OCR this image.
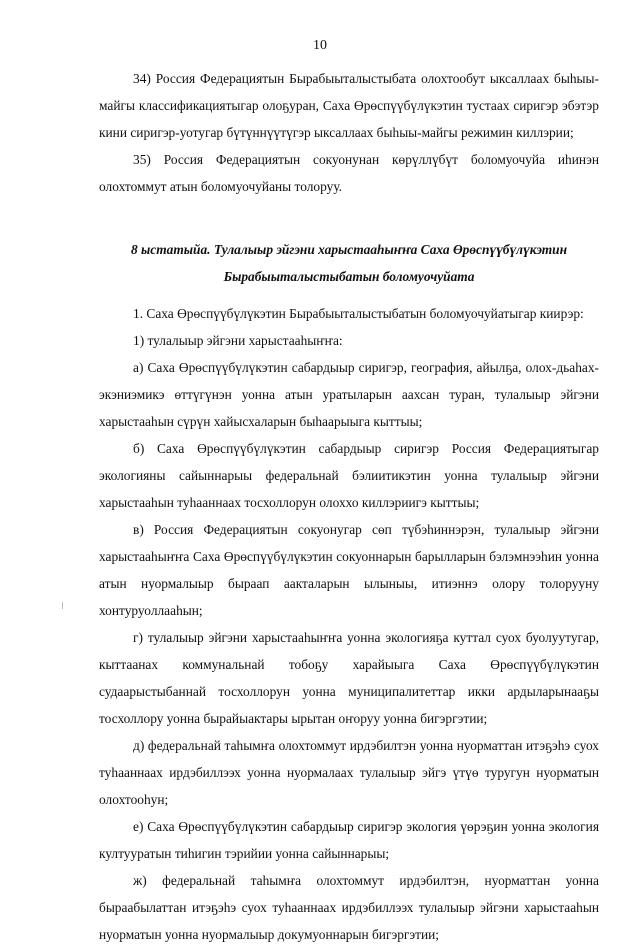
10

34) Россия Федерациятын Бырабыыталыстыбата олохтообут ыксаллаах быһыы-майгы классификациятыгар олоҕуран, Саха Өрөспүүбүлүкэтин тустаах сиригэр эбэтэр кини сиригэр-уотугар бүтүннүүтүгэр ыксаллаах быһыы-майгы режимин киллэрии;

35) Россия Федерациятын сокуонунан көрүллүбүт боломуочуйа иһинэн олохтоммут атын боломуочуйаны толоруу.

8 ыстатыйа. Тулалыыр эйгэни харыстааһыҥҥа Саха Өрөспүүбүлүкэтин Бырабыыталыстыбатын боломуочуйата

1. Саха Өрөспүүбүлүкэтин Бырабыыталыстыбатын боломуочуйатыгар киирэр:

1) тулалыыр эйгэни харыстааһыҥҥа:

а) Саха Өрөспүүбүлүкэтин сабардыыр сиригэр, география, айылҕа, олох-дьаһах-экэниэмикэ өттүгүнэн уонна атын уратыларын аахсан туран, тулалыыр эйгэни харыстааһын сүрүн хайысхаларын быһаарыыга кыттыы;

б) Саха Өрөспүүбүлүкэтин сабардыыр сиригэр Россия Федерациятыгар экологияны сайыннарыы федеральнай бэлиитикэтин уонна тулалыыр эйгэни харыстааһын туһааннаах тосхоллорун олоххо киллэриигэ кыттыы;

в) Россия Федерациятын сокуонугар сөп түбэһиннэрэн, тулалыыр эйгэни харыстааһыҥҥа Саха Өрөспүүбүлүкэтин сокуоннарын барылларын бэлэмнээһин уонна атын нуормалыыр быраап аакталарын ылыныы, итиэннэ олору толорууну хонтуруоллааһын;

г) тулалыыр эйгэни харыстааһыҥҥа уонна экологияҕа куттал суох буолуутугар, кыттаанах коммунальнай тобоҕу харайыыга Саха Өрөспүүбүлүкэтин судаарыстыбаннай тосхоллорун уонна муниципалитеттар икки ардыларынааҕы тосхоллору уонна бырайыактары ырытан оҥоруу уонна бигэргэтии;

д) федеральнай таһымҥа олохтоммут ирдэбилтэн уонна нуорматтан итэҕэһэ суох туһааннаах ирдэбиллээх уонна нуормалаах тулалыыр эйгэ үтүө туругун нуорматын олохтооһун;

е) Саха Өрөспүүбүлүкэтин сабардыыр сиригэр экология үөрэҕин уонна экология култууратын тиһигин тэрийии уонна сайыннарыы;

ж) федеральнай таһымҥа олохтоммут ирдэбилтэн, нуорматтан уонна быраабылаттан итэҕэһэ суох туһааннаах ирдэбиллээх тулалыыр эйгэни харыстааһын нуорматын уонна нуормалыыр докумуоннарын бигэргэтии;
